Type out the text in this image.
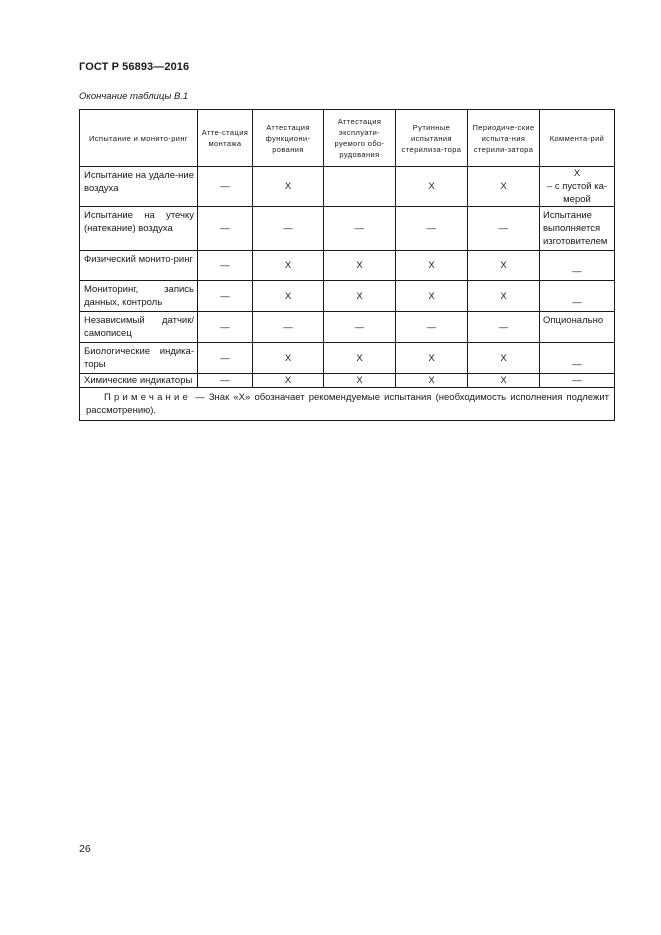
ГОСТ Р 56893—2016
Окончание таблицы В.1
Испытание и монито-ринг	Атте-стация монтажа	Аттестация функциони-рования	Аттестация эксплуати-руемого обо-рудования	Рутинные испытания стерилиза-тора	Периодиче-ские испыта-ния стерили-затора	Коммента-рий
Испытание на удале-ние воздуха	—	X		X	X	X
– с пустой ка-
мерой

Испытание на утечку (натекание) воздуха	—	—	—	—	—	Испытание
выполняется
изготовителем

Физический монито-ринг	—	X	X	X	X	—
Мониторинг, запись данных, контроль	—	X	X	X	X	—
Независимый датчик/ самописец	—	—	—	—	—	Опционально
Биологические индика-торы	—	X	X	X	X	—
Химические индикаторы	—	X	X	X	X	—
Примечание — Знак «X» обозначает рекомендуемые испытания (необходимость исполнения подлежит рассмотрению).						
26
